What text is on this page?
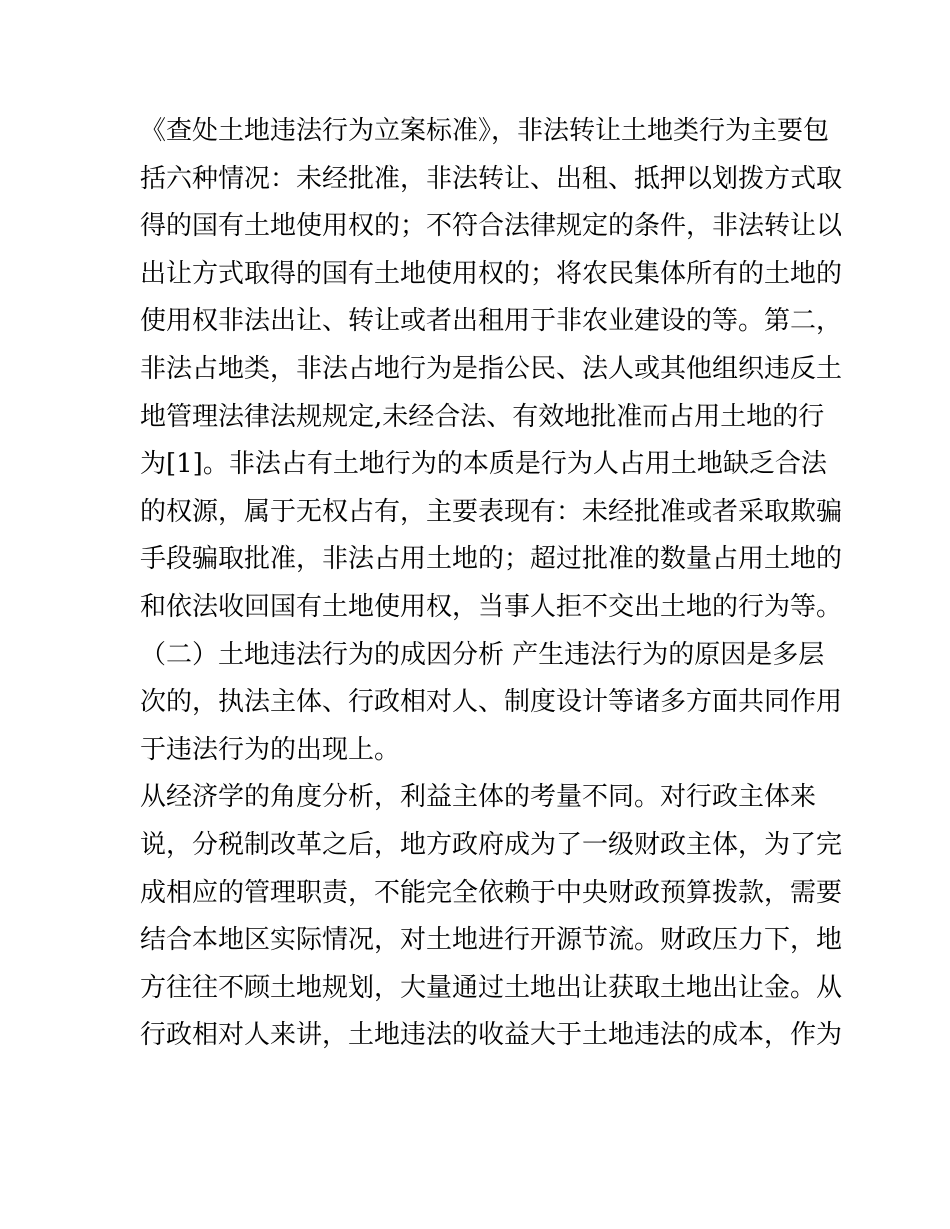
《查处土地违法行为立案标准》，非法转让土地类行为主要包
括六种情况：未经批准，非法转让、出租、抵押以划拨方式取
得的国有土地使用权的；不符合法律规定的条件，非法转让以
出让方式取得的国有土地使用权的；将农民集体所有的土地的
使用权非法出让、转让或者出租用于非农业建设的等。第二，
非法占地类，非法占地行为是指公民、法人或其他组织违反土
地管理法律法规规定,未经合法、有效地批准而占用土地的行
为[1]。非法占有土地行为的本质是行为人占用土地缺乏合法
的权源，属于无权占有，主要表现有：未经批准或者采取欺骗
手段骗取批准，非法占用土地的；超过批准的数量占用土地的
和依法收回国有土地使用权，当事人拒不交出土地的行为等。
（二）土地违法行为的成因分析 产生违法行为的原因是多层
次的，执法主体、行政相对人、制度设计等诸多方面共同作用
于违法行为的出现上。
从经济学的角度分析，利益主体的考量不同。对行政主体来
说，分税制改革之后，地方政府成为了一级财政主体，为了完
成相应的管理职责，不能完全依赖于中央财政预算拨款，需要
结合本地区实际情况，对土地进行开源节流。财政压力下，地
方往往不顾土地规划，大量通过土地出让获取土地出让金。从
行政相对人来讲，土地违法的收益大于土地违法的成本，作为
